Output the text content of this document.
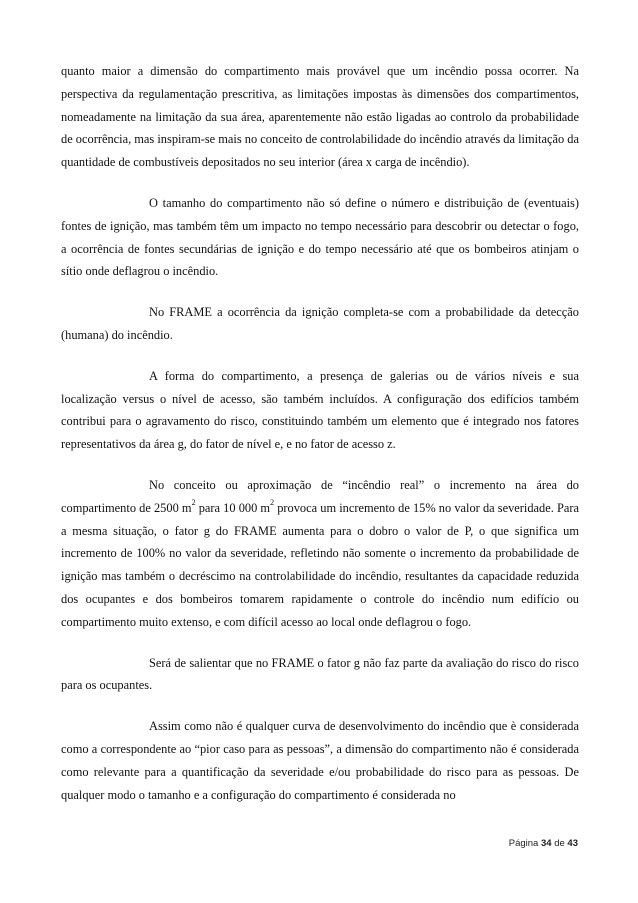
quanto maior a dimensão do compartimento mais provável que um incêndio possa ocorrer. Na perspectiva da regulamentação prescritiva, as limitações impostas às dimensões dos compartimentos, nomeadamente na limitação da sua área, aparentemente não estão ligadas ao controlo da probabilidade de ocorrência, mas inspiram-se mais no conceito de controlabilidade do incêndio através da limitação da quantidade de combustíveis depositados no seu interior (área x carga de incêndio).

O tamanho do compartimento não só define o número e distribuição de (eventuais) fontes de ignição, mas também têm um impacto no tempo necessário para descobrir ou detectar o fogo, a ocorrência de fontes secundárias de ignição e do tempo necessário até que os bombeiros atinjam o sítio onde deflagrou o incêndio.

No FRAME a ocorrência da ignição completa-se com a probabilidade da detecção (humana) do incêndio.

A forma do compartimento, a presença de galerias ou de vários níveis e sua localização versus o nível de acesso, são também incluídos. A configuração dos edifícios também contribui para o agravamento do risco, constituindo também um elemento que é integrado nos fatores representativos da área g, do fator de nível e, e no fator de acesso z.

No conceito ou aproximação de “incêndio real” o incremento na área do compartimento de 2500 $m^2$ para 10 000 $m^2$ provoca um incremento de 15% no valor da severidade. Para a mesma situação, o fator g do FRAME aumenta para o dobro o valor de P, o que significa um incremento de 100% no valor da severidade, refletindo não somente o incremento da probabilidade de ignição mas também o decréscimo na controlabilidade do incêndio, resultantes da capacidade reduzida dos ocupantes e dos bombeiros tomarem rapidamente o controle do incêndio num edifício ou compartimento muito extenso, e com difícil acesso ao local onde deflagrou o fogo.

Será de salientar que no FRAME o fator g não faz parte da avaliação do risco do risco para os ocupantes.

Assim como não é qualquer curva de desenvolvimento do incêndio que è considerada como a correspondente ao “pior caso para as pessoas”, a dimensão do compartimento não é considerada como relevante para a quantificação da severidade e/ou probabilidade do risco para as pessoas. De qualquer modo o tamanho e a configuração do compartimento é considerada no

Página 34 de 43
